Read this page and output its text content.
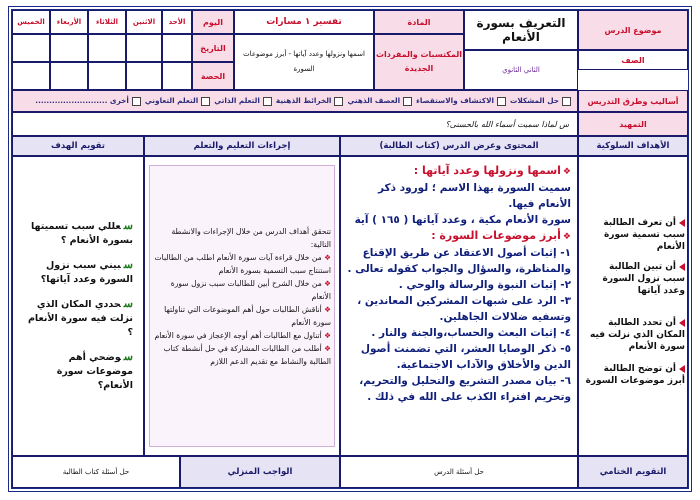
موضوع الدرس
الصف
التعريف بسورة الأنعام
الثاني الثانوي
المادة
المكتسبات والمفردات الجديدة
تفسير ١ مسارات
اسمها ونزولها وعدد آياتها - أبرز موضوعات السورة
اليوم
التاريخ
الحصة
الأحد
الاثنين
الثلاثاء
الأربعاء
الخميس
أساليب وطرق التدريس
حل المشكلات
الاكتشاف والاستقصاء
العصف الذهني
الخرائط الذهنية
التعلم الذاتي
التعلم التعاوني
أخرى ..........................
التمهيد
س لماذا سميت أسماء الله بالحسنى؟
الأهداف السلوكية
المحتوى وعرض الدرس (كتاب الطالبة)
إجراءات التعليم والتعلم
تقويم الهدف
أن تعرف الطالبة سبب تسمية سورة الأنعام
أن تبين الطالبة سبب نزول السورة وعدد آياتها
أن تحدد الطالبة المكان الذي نزلت فيه سورة الأنعام
أن توضح الطالبة أبرز موضوعات السورة
❖اسمها ونزولها وعدد آياتها :
سميت السورة بهذا الاسم ؛ لورود ذكر الأنعام فيها.
سورة الأنعام مكية ، وعدد آياتها ( ١٦٥ ) آية
❖أبرز موضوعات السورة :
١- إثبات أصول الاعتقاد عن طريق الإقناع والمناظرة، والسؤال والجواب كقوله تعالى .
٢- إثبات النبوة والرسالة والوحي .
٣- الرد على شبهات المشركين المعاندين ، وتسفيه ضلالات الجاهلين.
٤- إثبات البعث والحساب،والجنة والنار .
٥- ذكر الوصايا العشر، التي تضمنت أصول الدين والأخلاق والآداب الاجتماعية.
٦- بيان مصدر التشريع والتحليل والتحريم، وتحريم افتراء الكذب على الله في ذلك .
تتحقق أهداف الدرس من خلال الإجراءات والانشطة التالية:
❖ من خلال قراءة آيات سورة الأنعام اطلب من الطالبات استنتاج سبب التسمية بسورة الأنعام
❖ من خلال الشرح أبين للطالبات سبب نزول سورة الأنعام
❖ أناقش الطالبات حول أهم الموضوعات التي تناولتها سورة الأنعام
❖ أتناول مع الطالبات أهم أوجه الإعجاز في سورة الأنعام
❖ أطلب من الطالبات المشاركة في حل أنشطة كتاب الطالبة والنشاط مع تقديم الدعم اللازم
سعللي سبب تسميتها بسورة الأنعام ؟
سبيني سبب نزول السورة وعدد آياتها؟
سحددي المكان الذي نزلت فيه سورة الأنعام ؟
سوضحي أهم موضوعات سورة الأنعام؟
التقويم الختامي
حل أسئلة الدرس
الواجب المنزلي
حل أسئلة كتاب الطالبة
